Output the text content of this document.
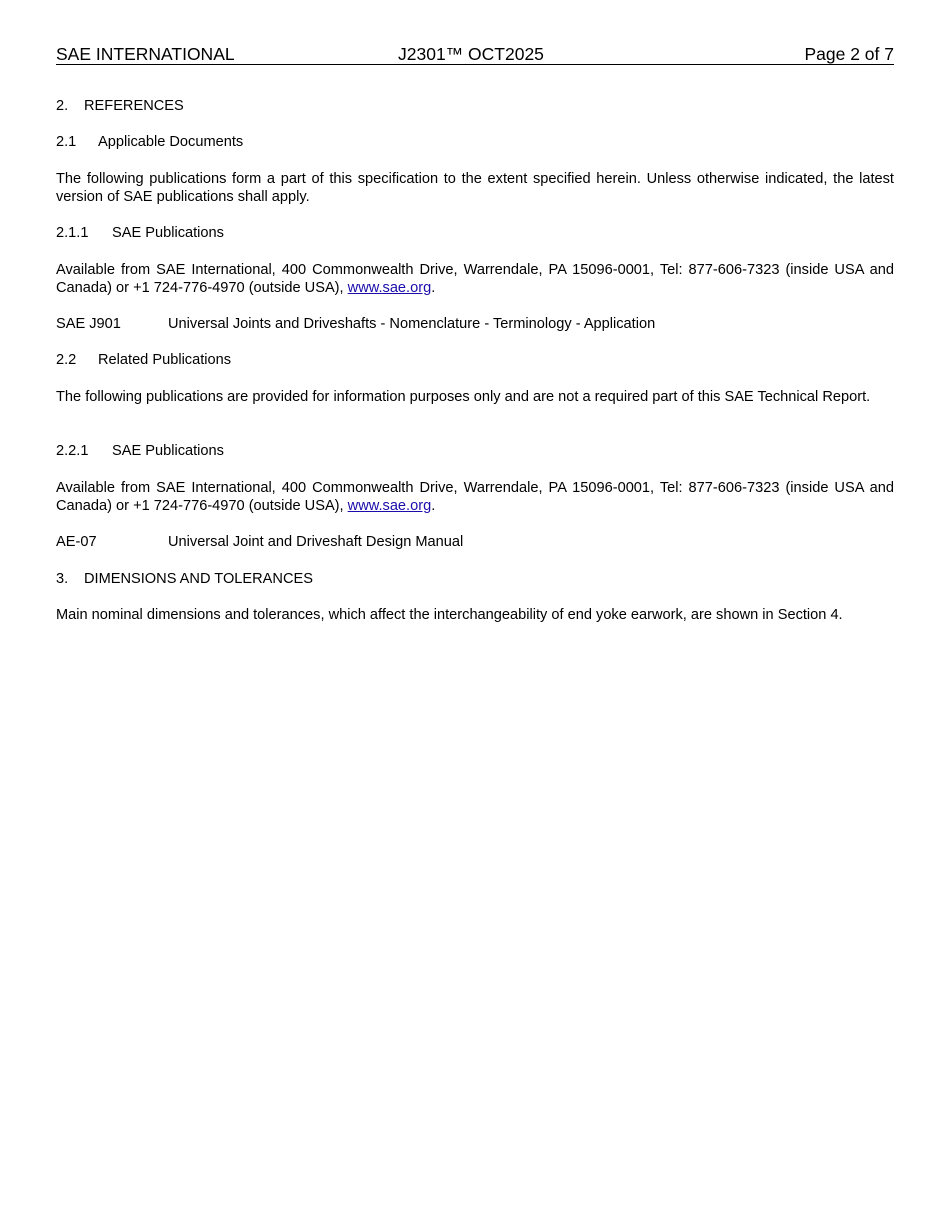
SAE INTERNATIONAL	J2301™ OCT2025	Page 2 of 7
2. REFERENCES
2.1 Applicable Documents
The following publications form a part of this specification to the extent specified herein. Unless otherwise indicated, the latest version of SAE publications shall apply.
2.1.1 SAE Publications
Available from SAE International, 400 Commonwealth Drive, Warrendale, PA 15096-0001, Tel: 877-606-7323 (inside USA and Canada) or +1 724-776-4970 (outside USA), www.sae.org.
SAE J901	Universal Joints and Driveshafts - Nomenclature - Terminology - Application
2.2 Related Publications
The following publications are provided for information purposes only and are not a required part of this SAE Technical Report.
2.2.1 SAE Publications
Available from SAE International, 400 Commonwealth Drive, Warrendale, PA 15096-0001, Tel: 877-606-7323 (inside USA and Canada) or +1 724-776-4970 (outside USA), www.sae.org.
AE-07	Universal Joint and Driveshaft Design Manual
3. DIMENSIONS AND TOLERANCES
Main nominal dimensions and tolerances, which affect the interchangeability of end yoke earwork, are shown in Section 4.
